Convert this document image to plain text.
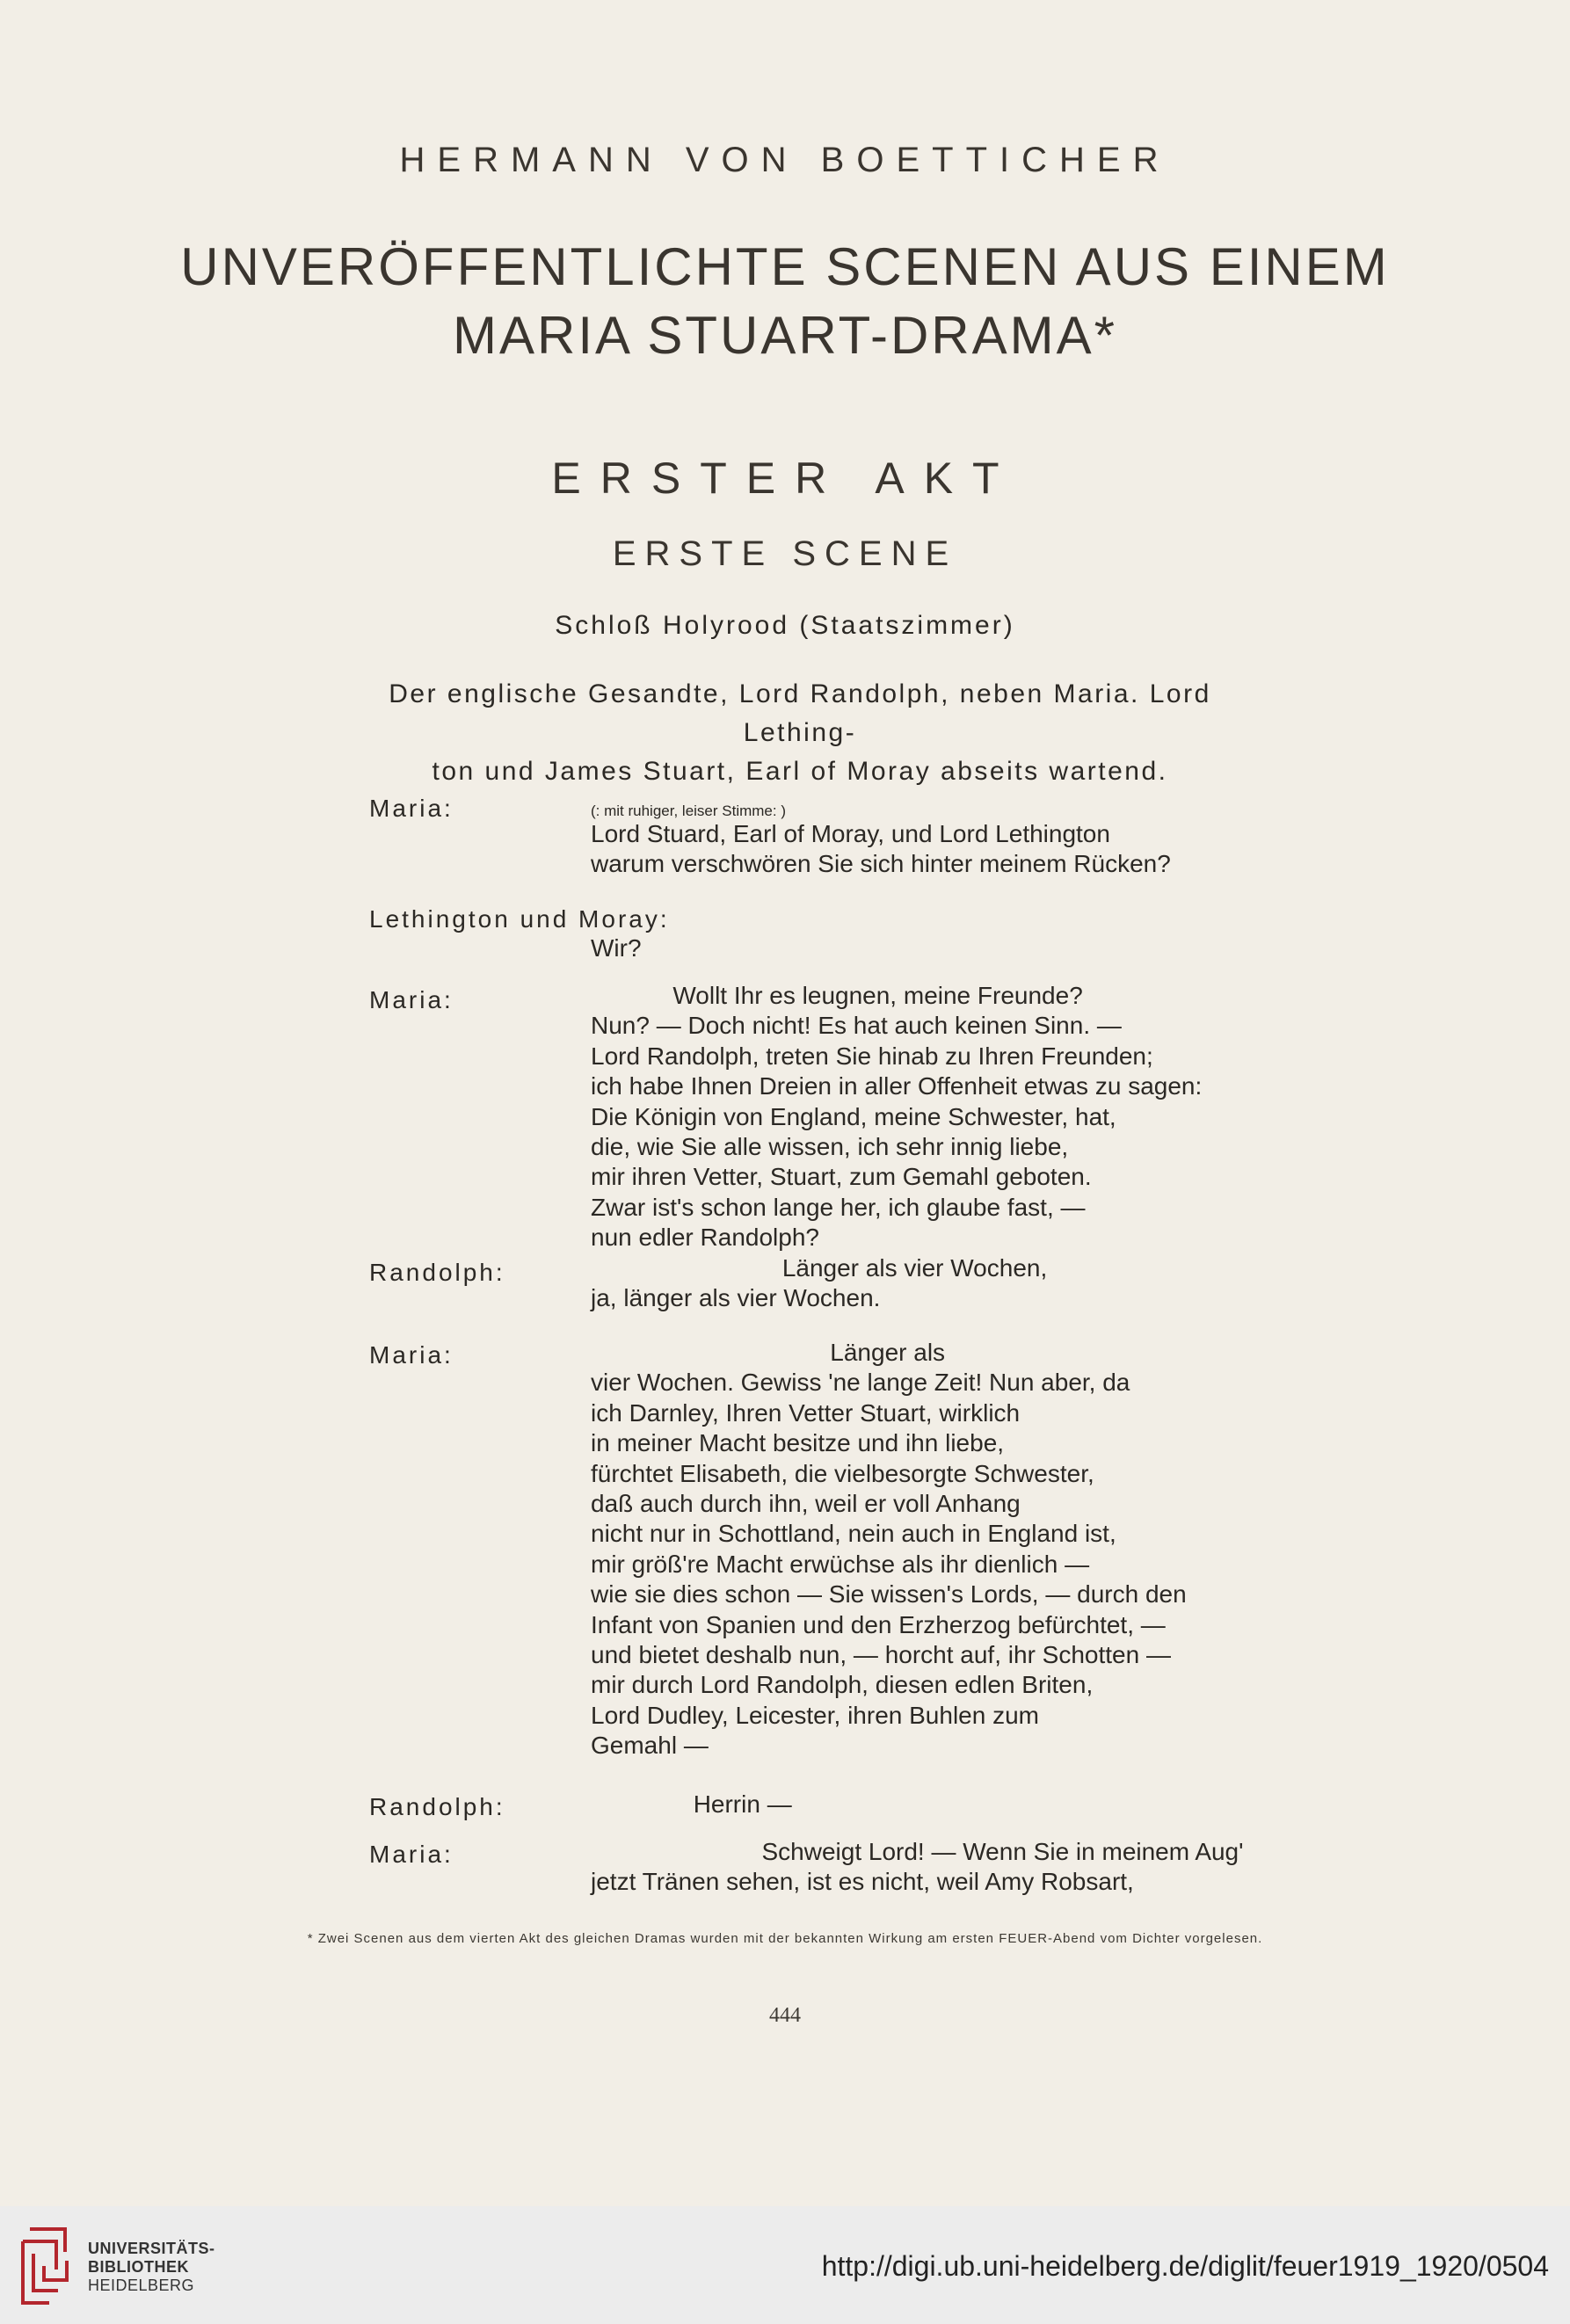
HERMANN VON BOETTICHER
UNVERÖFFENTLICHTE SCENEN AUS EINEM
MARIA STUART-DRAMA*
ERSTER AKT
ERSTE SCENE
Schloß Holyrood (Staatszimmer)
Der englische Gesandte, Lord Randolph, neben Maria. Lord Lething-
ton und James Stuart, Earl of Moray abseits wartend.
Maria:	(: mit ruhiger, leiser Stimme: )
Lord Stuard, Earl of Moray, und Lord Lethington
warum verschwören Sie sich hinter meinem Rücken?
Lethington und Moray:
Wir?
Maria:	Wollt Ihr es leugnen, meine Freunde?
Nun? — Doch nicht! Es hat auch keinen Sinn. —
Lord Randolph, treten Sie hinab zu Ihren Freunden;
ich habe Ihnen Dreien in aller Offenheit etwas zu sagen:
Die Königin von England, meine Schwester, hat,
die, wie Sie alle wissen, ich sehr innig liebe,
mir ihren Vetter, Stuart, zum Gemahl geboten.
Zwar ist's schon lange her, ich glaube fast, —
nun edler Randolph?
Randolph:	Länger als vier Wochen,
ja, länger als vier Wochen.
Maria:	Länger als
vier Wochen. Gewiss 'ne lange Zeit! Nun aber, da
ich Darnley, Ihren Vetter Stuart, wirklich
in meiner Macht besitze und ihn liebe,
fürchtet Elisabeth, die vielbesorgte Schwester,
daß auch durch ihn, weil er voll Anhang
nicht nur in Schottland, nein auch in England ist,
mir größ're Macht erwüchse als ihr dienlich —
wie sie dies schon — Sie wissen's Lords, — durch den
Infant von Spanien und den Erzherzog befürchtet, —
und bietet deshalb nun, — horcht auf, ihr Schotten —
mir durch Lord Randolph, diesen edlen Briten,
Lord Dudley, Leicester, ihren Buhlen zum
Gemahl —
Randolph:	Herrin —
Maria:	Schweigt Lord! — Wenn Sie in meinem Aug'
jetzt Tränen sehen, ist es nicht, weil Amy Robsart,
* Zwei Scenen aus dem vierten Akt des gleichen Dramas wurden mit der bekannten Wirkung am ersten FEUER-Abend vom Dichter vorgelesen.
444
UNIVERSITÄTS-
BIBLIOTHEK
HEIDELBERG
http://digi.ub.uni-heidelberg.de/diglit/feuer1919_1920/0504
